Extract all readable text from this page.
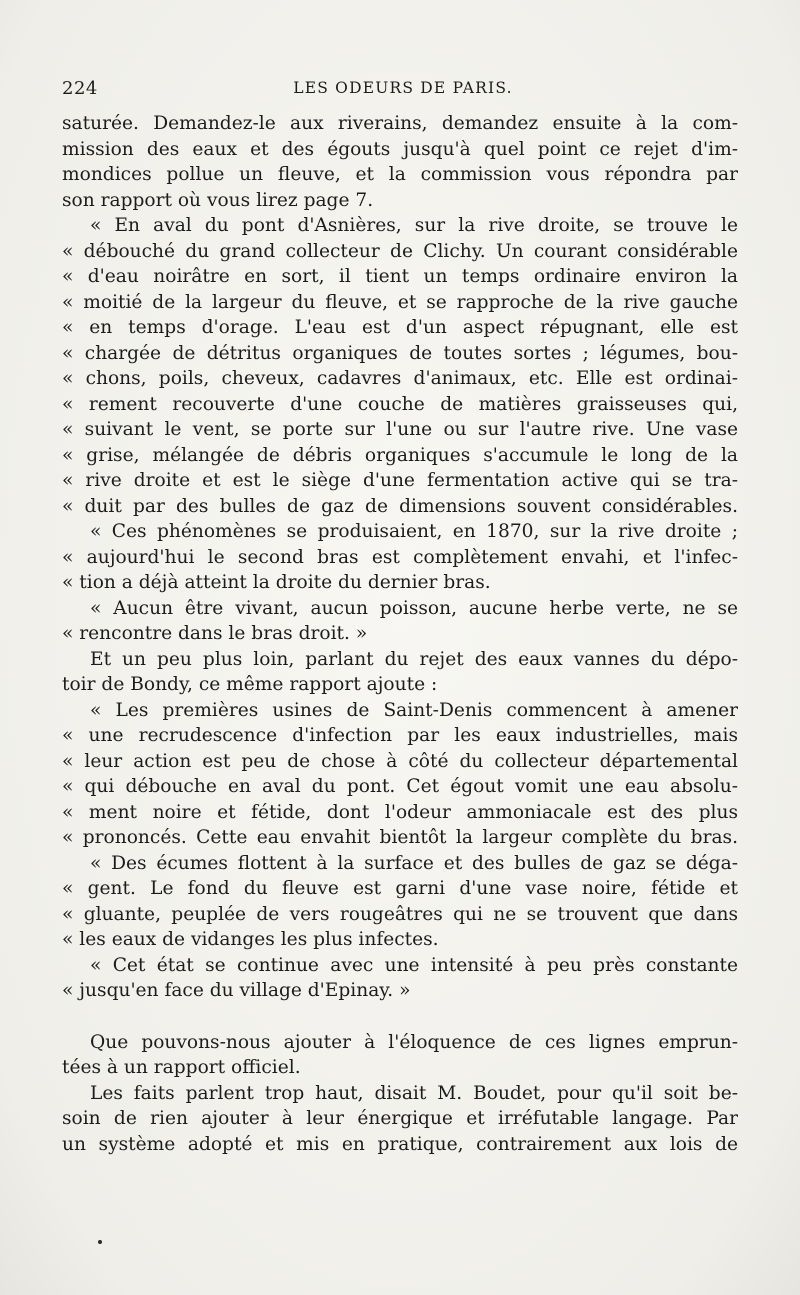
224	LES ODEURS DE PARIS.
saturée. Demandez-le aux riverains, demandez ensuite à la com-
mission des eaux et des égouts jusqu'à quel point ce rejet d'im-
mondices pollue un fleuve, et la commission vous répondra par
son rapport où vous lirez page 7.
« En aval du pont d'Asnières, sur la rive droite, se trouve le
« débouché du grand collecteur de Clichy. Un courant considérable
« d'eau noirâtre en sort, il tient un temps ordinaire environ la
« moitié de la largeur du fleuve, et se rapproche de la rive gauche
« en temps d'orage. L'eau est d'un aspect répugnant, elle est
« chargée de détritus organiques de toutes sortes ; légumes, bou-
« chons, poils, cheveux, cadavres d'animaux, etc. Elle est ordinai-
« rement recouverte d'une couche de matières graisseuses qui,
« suivant le vent, se porte sur l'une ou sur l'autre rive. Une vase
« grise, mélangée de débris organiques s'accumule le long de la
« rive droite et est le siège d'une fermentation active qui se tra-
« duit par des bulles de gaz de dimensions souvent considérables.
« Ces phénomènes se produisaient, en 1870, sur la rive droite ;
« aujourd'hui le second bras est complètement envahi, et l'infec-
« tion a déjà atteint la droite du dernier bras.
« Aucun être vivant, aucun poisson, aucune herbe verte, ne se
« rencontre dans le bras droit. »
Et un peu plus loin, parlant du rejet des eaux vannes du dépo-
toir de Bondy, ce même rapport ajoute :
« Les premières usines de Saint-Denis commencent à amener
« une recrudescence d'infection par les eaux industrielles, mais
« leur action est peu de chose à côté du collecteur départemental
« qui débouche en aval du pont. Cet égout vomit une eau absolu-
« ment noire et fétide, dont l'odeur ammoniacale est des plus
« prononcés. Cette eau envahit bientôt la largeur complète du bras.
« Des écumes flottent à la surface et des bulles de gaz se déga-
« gent. Le fond du fleuve est garni d'une vase noire, fétide et
« gluante, peuplée de vers rougeâtres qui ne se trouvent que dans
« les eaux de vidanges les plus infectes.
« Cet état se continue avec une intensité à peu près constante
« jusqu'en face du village d'Epinay. »
Que pouvons-nous ajouter à l'éloquence de ces lignes emprun-
tées à un rapport officiel.
Les faits parlent trop haut, disait M. Boudet, pour qu'il soit be-
soin de rien ajouter à leur énergique et irréfutable langage. Par
un système adopté et mis en pratique, contrairement aux lois de
